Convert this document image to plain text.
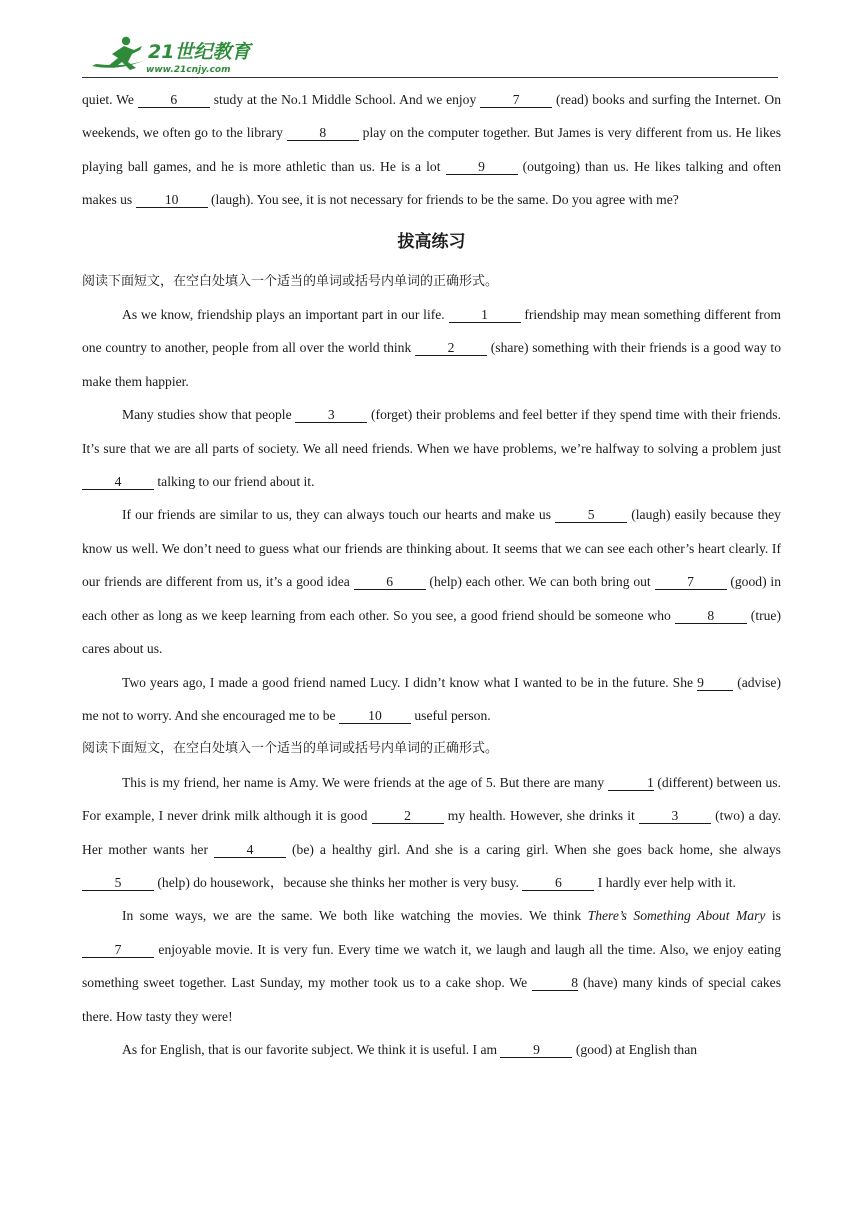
21世纪教育
www.21cnjy.com

quiet. We	6	study at the No.1 Middle School. And we enjoy	7	(read) books and surfing the Internet. On weekends, we often go to the library	8	play on the computer together. But James is very different from us. He likes playing ball games, and he is more athletic than us. He is a lot	9	(outgoing) than us. He likes talking and often makes us 10 (laugh). You see, it is not necessary for friends to be the same. Do you agree with me?

拔高练习

阅读下面短文，在空白处填入一个适当的单词或括号内单词的正确形式。

As we know, friendship plays an important part in our life.	1	friendship may mean something different from one country to another, people from all over the world think	2	(share) something with their friends is a good way to make them happier.

Many studies show that people	3	(forget) their problems and feel better if they spend time with their friends. It’s sure that we are all parts of society. We all need friends. When we have problems, we’re halfway to solving a problem just 4	talking to our friend about it.

If our friends are similar to us, they can always touch our hearts and make us	5	(laugh) easily because they know us well. We don’t need to guess what our friends are thinking about. It seems that we can see each other’s heart clearly. If our friends are different from us, it’s a good idea	6	(help) each other. We can both bring out	7	(good) in each other as long as we keep learning from each other. So you see, a good friend should be someone who	8	(true) cares about us.

Two years ago, I made a good friend named Lucy. I didn’t know what I wanted to be in the future. She 9 (advise) me not to worry. And she encouraged me to be 10 useful person.

阅读下面短文，在空白处填入一个适当的单词或括号内单词的正确形式。

This is my friend, her name is Amy. We were friends at the age of 5. But there are many	1 (different) between us. For example, I never drink milk although it is good	2	my health. However, she drinks it	3	(two) a day. Her mother wants her	4	(be) a healthy girl. And she is a caring girl. When she goes back home, she always 5	(help) do housework，because she thinks her mother is very busy.	6	I hardly ever help with it.

In some ways, we are the same. We both like watching the movies. We think There’s Something About Mary is 7	enjoyable movie. It is very fun. Every time we watch it, we laugh and laugh all the time. Also, we enjoy eating something sweet together. Last Sunday, my mother took us to a cake shop. We	8 (have) many kinds of special cakes there. How tasty they were!

As for English, that is our favorite subject. We think it is useful. I am	9	(good) at English than
